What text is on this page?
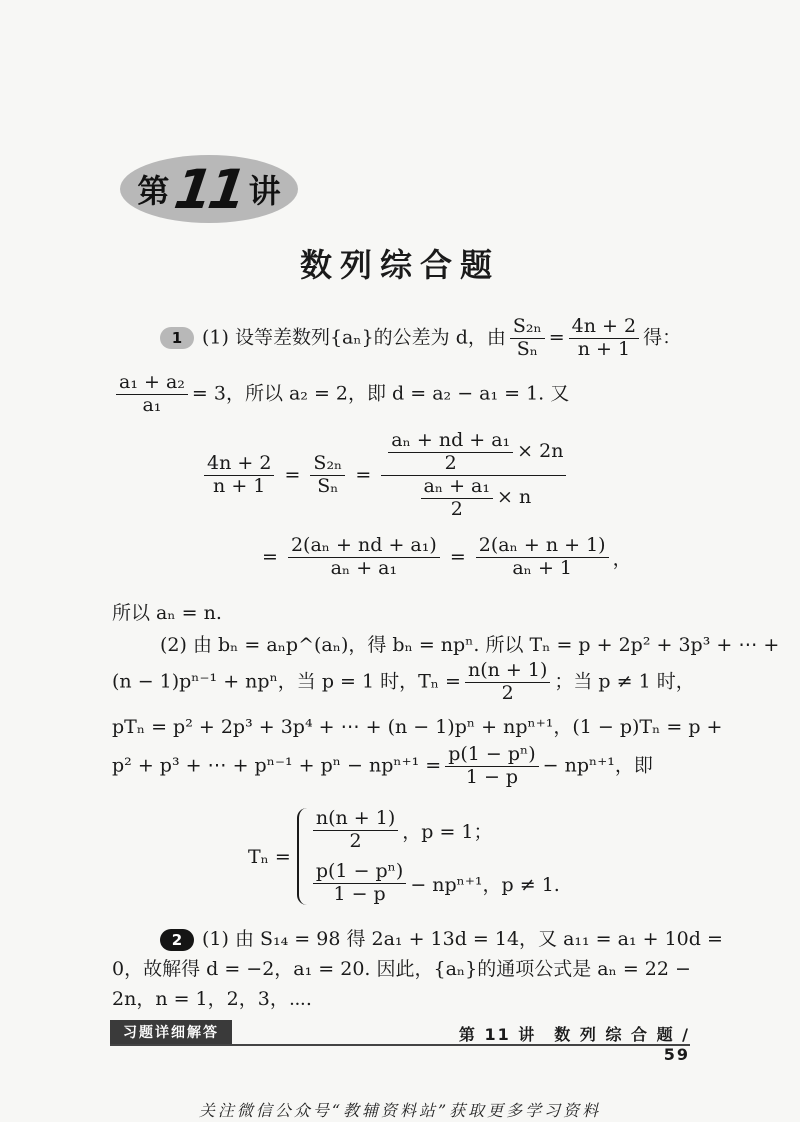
第 11 讲
数列综合题
1 (1) 设等差数列{aₙ}的公差为 d，由 $\frac{\text{S₂ₙ}}{\text{Sₙ}} = \frac{4n + 2}{n + 1}$ 得：
$\frac{\text{a₁ + a₂}}{\text{a₁}} = 3$，所以 a₂ = 2，即 d = a₂ − a₁ = 1. 又
$\frac{4n + 2}{n + 1} = \frac{\text{S₂ₙ}}{\text{Sₙ}} = \frac{\frac{\text{aₙ + nd + a₁}}{2} \times 2n}{\frac{\text{aₙ + a₁}}{2} \times n}$
= $\frac{\text{2(aₙ + nd + a₁)}}{\text{aₙ + a₁}} = \frac{\text{2(aₙ + n + 1)}}{\text{aₙ + 1}}$ ，
所以 aₙ = n.
(2) 由 bₙ = aₙp^(aₙ)，得 bₙ = npⁿ. 所以 Tₙ = p + 2p² + 3p³ + ⋯ +
(n − 1)pⁿ⁻¹ + npⁿ，当 p = 1 时，$T_n = \frac{n(n + 1)}{2}$ ；当 p ≠ 1 时，
pTₙ = p² + 2p³ + 3p⁴ + ⋯ + (n − 1)pⁿ + npⁿ⁺¹，(1 − p)Tₙ = p +
p² + p³ + ⋯ + $p^{n-1} + p^n - np^{n+1} = \frac{\text{p(1 − pⁿ)}}{1 - p} - np^{n+1}$，即
Tₙ =
$\frac{n(n + 1)}{2}$ ，p = 1；
$\frac{\text{p(1 − pⁿ)}}{1 - p} - np^{n+1}$，p ≠ 1.
2 (1) 由 S₁₄ = 98 得 2a₁ + 13d = 14，又 a₁₁ = a₁ + 10d =
0，故解得 d = −2，a₁ = 20. 因此，{aₙ}的通项公式是 aₙ = 22 −
2n，n = 1，2，3，⋯.
习题详细解答	第 11 讲　数 列 综 合 题 / 59
关注微信公众号“教辅资料站”获取更多学习资料
